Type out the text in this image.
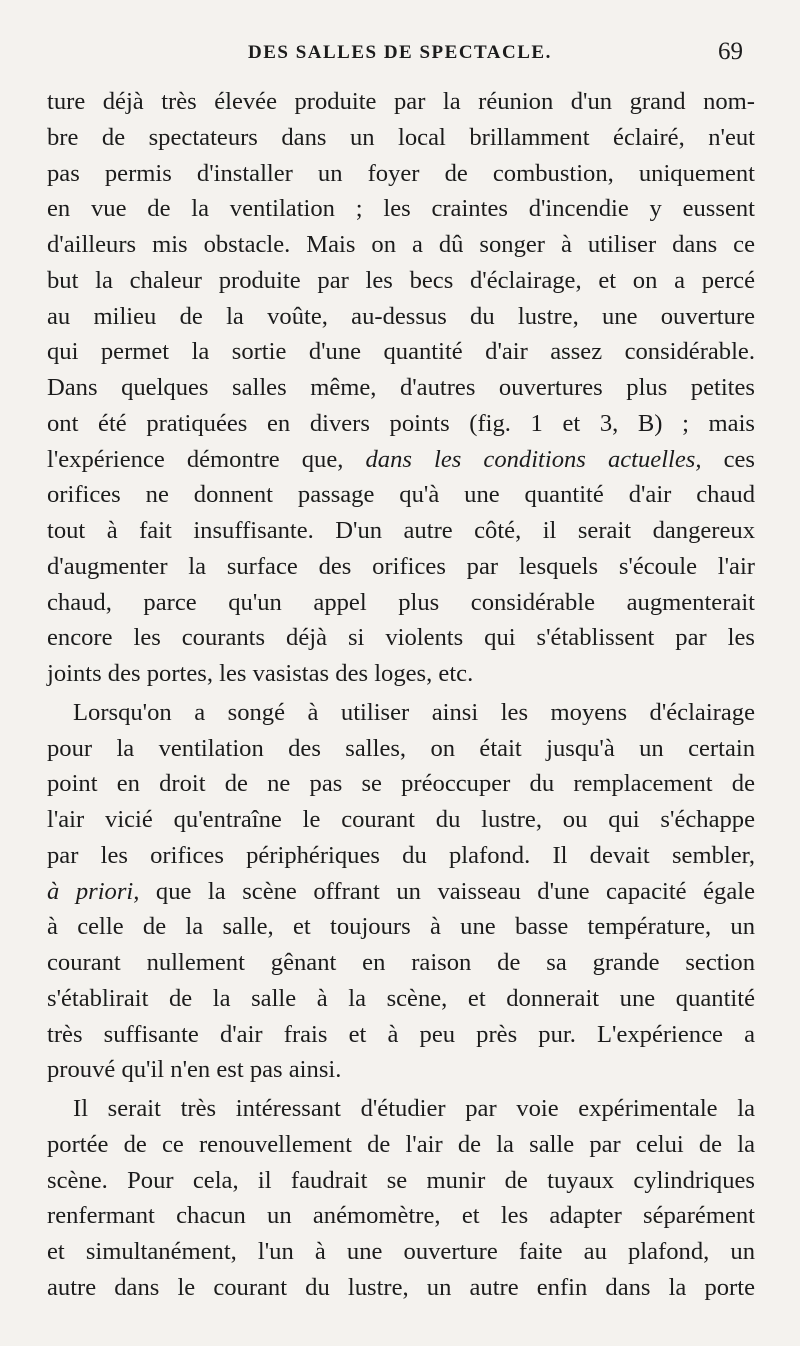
DES SALLES DE SPECTACLE.	69
ture déjà très élevée produite par la réunion d'un grand nom-
bre de spectateurs dans un local brillamment éclairé, n'eut
pas permis d'installer un foyer de combustion, uniquement
en vue de la ventilation ; les craintes d'incendie y eussent
d'ailleurs mis obstacle. Mais on a dû songer à utiliser dans ce
but la chaleur produite par les becs d'éclairage, et on a percé
au milieu de la voûte, au-dessus du lustre, une ouverture
qui permet la sortie d'une quantité d'air assez considérable.
Dans quelques salles même, d'autres ouvertures plus petites
ont été pratiquées en divers points (fig. 1 et 3, B) ; mais
l'expérience démontre que, dans les conditions actuelles, ces
orifices ne donnent passage qu'à une quantité d'air chaud
tout à fait insuffisante. D'un autre côté, il serait dangereux
d'augmenter la surface des orifices par lesquels s'écoule l'air
chaud, parce qu'un appel plus considérable augmenterait
encore les courants déjà si violents qui s'établissent par les
joints des portes, les vasistas des loges, etc.
Lorsqu'on a songé à utiliser ainsi les moyens d'éclairage
pour la ventilation des salles, on était jusqu'à un certain
point en droit de ne pas se préoccuper du remplacement de
l'air vicié qu'entraîne le courant du lustre, ou qui s'échappe
par les orifices périphériques du plafond. Il devait sembler,
à priori, que la scène offrant un vaisseau d'une capacité égale
à celle de la salle, et toujours à une basse température, un
courant nullement gênant en raison de sa grande section
s'établirait de la salle à la scène, et donnerait une quantité
très suffisante d'air frais et à peu près pur. L'expérience a
prouvé qu'il n'en est pas ainsi.
Il serait très intéressant d'étudier par voie expérimentale la
portée de ce renouvellement de l'air de la salle par celui de la
scène. Pour cela, il faudrait se munir de tuyaux cylindriques
renfermant chacun un anémomètre, et les adapter séparément
et simultanément, l'un à une ouverture faite au plafond, un
autre dans le courant du lustre, un autre enfin dans la porte
